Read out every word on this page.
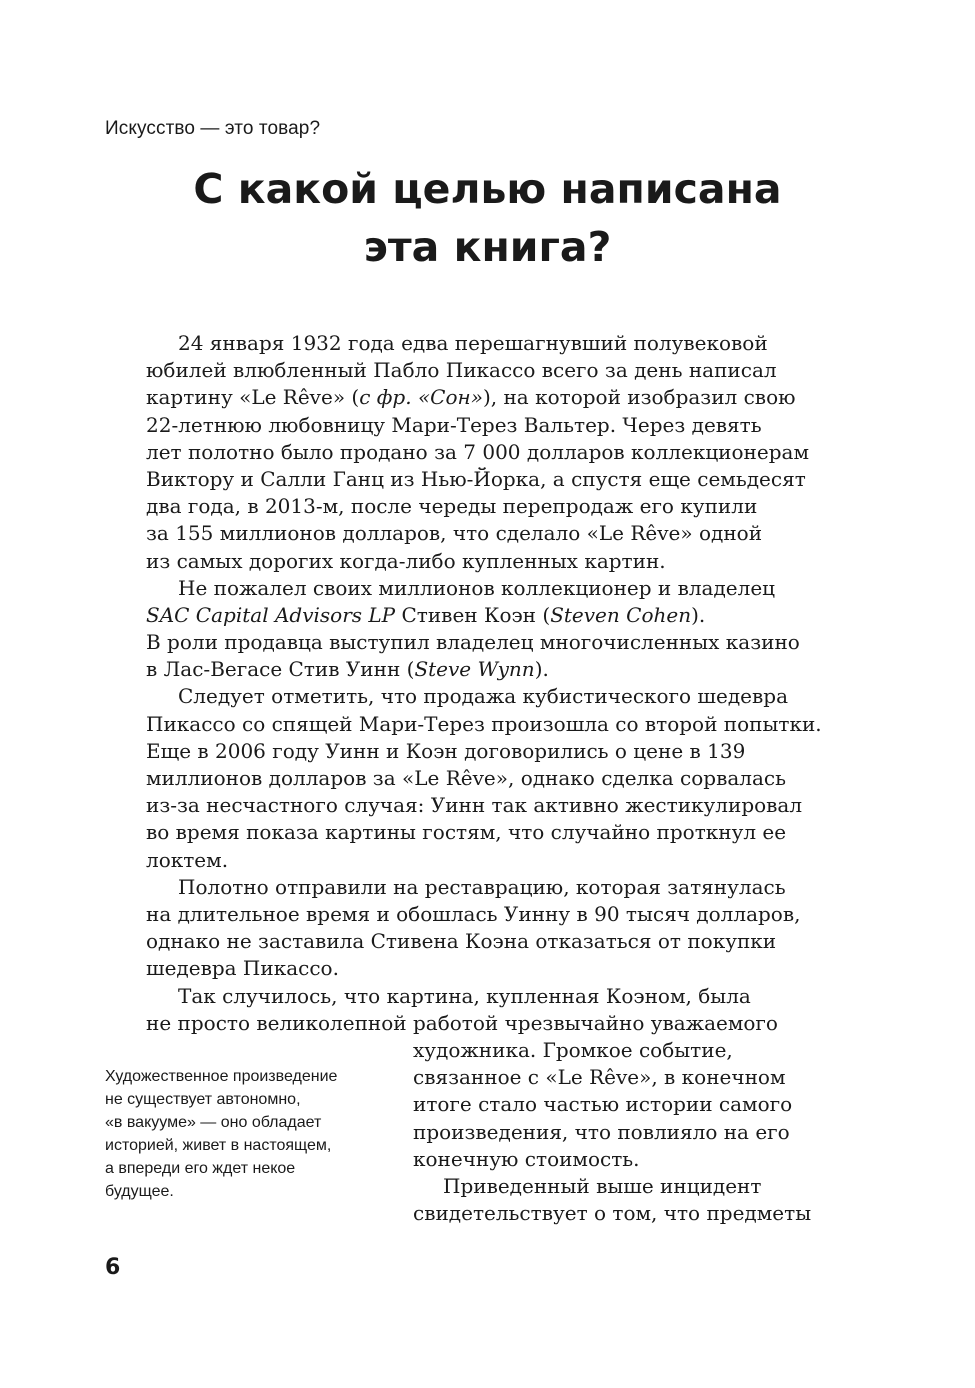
Искусство — это товар?
С какой целью написана
эта книга?
24 января 1932 года едва перешагнувший полувековой
юбилей влюбленный Пабло Пикассо всего за день написал
картину «Le Rêve» (с фр. «Сон»), на которой изобразил свою
22-летнюю любовницу Мари-Терез Вальтер. Через девять
лет полотно было продано за 7 000 долларов коллекционерам
Виктору и Салли Ганц из Нью-Йорка, а спустя еще семьдесят
два года, в 2013-м, после череды перепродаж его купили
за 155 миллионов долларов, что сделало «Le Rêve» одной
из самых дорогих когда-либо купленных картин.
Не пожалел своих миллионов коллекционер и владелец
SAC Capital Advisors LP Стивен Коэн (Steven Cohen).
В роли продавца выступил владелец многочисленных казино
в Лас-Вегасе Стив Уинн (Steve Wynn).
Следует отметить, что продажа кубистического шедевра
Пикассо со спящей Мари-Терез произошла со второй попытки.
Еще в 2006 году Уинн и Коэн договорились о цене в 139
миллионов долларов за «Le Rêve», однако сделка сорвалась
из-за несчастного случая: Уинн так активно жестикулировал
во время показа картины гостям, что случайно проткнул ее
локтем.
Полотно отправили на реставрацию, которая затянулась
на длительное время и обошлась Уинну в 90 тысяч долларов,
однако не заставила Стивена Коэна отказаться от покупки
шедевра Пикассо.
Так случилось, что картина, купленная Коэном, была
не просто великолепной работой чрезвычайно уважаемого
художника. Громкое событие,
связанное с «Le Rêve», в конечном
итоге стало частью истории самого
произведения, что повлияло на его
конечную стоимость.
Приведенный выше инцидент
свидетельствует о том, что предметы
Художественное произведение
не существует автономно,
«в вакууме» — оно обладает
историей, живет в настоящем,
а впереди его ждет некое
будущее.
6
